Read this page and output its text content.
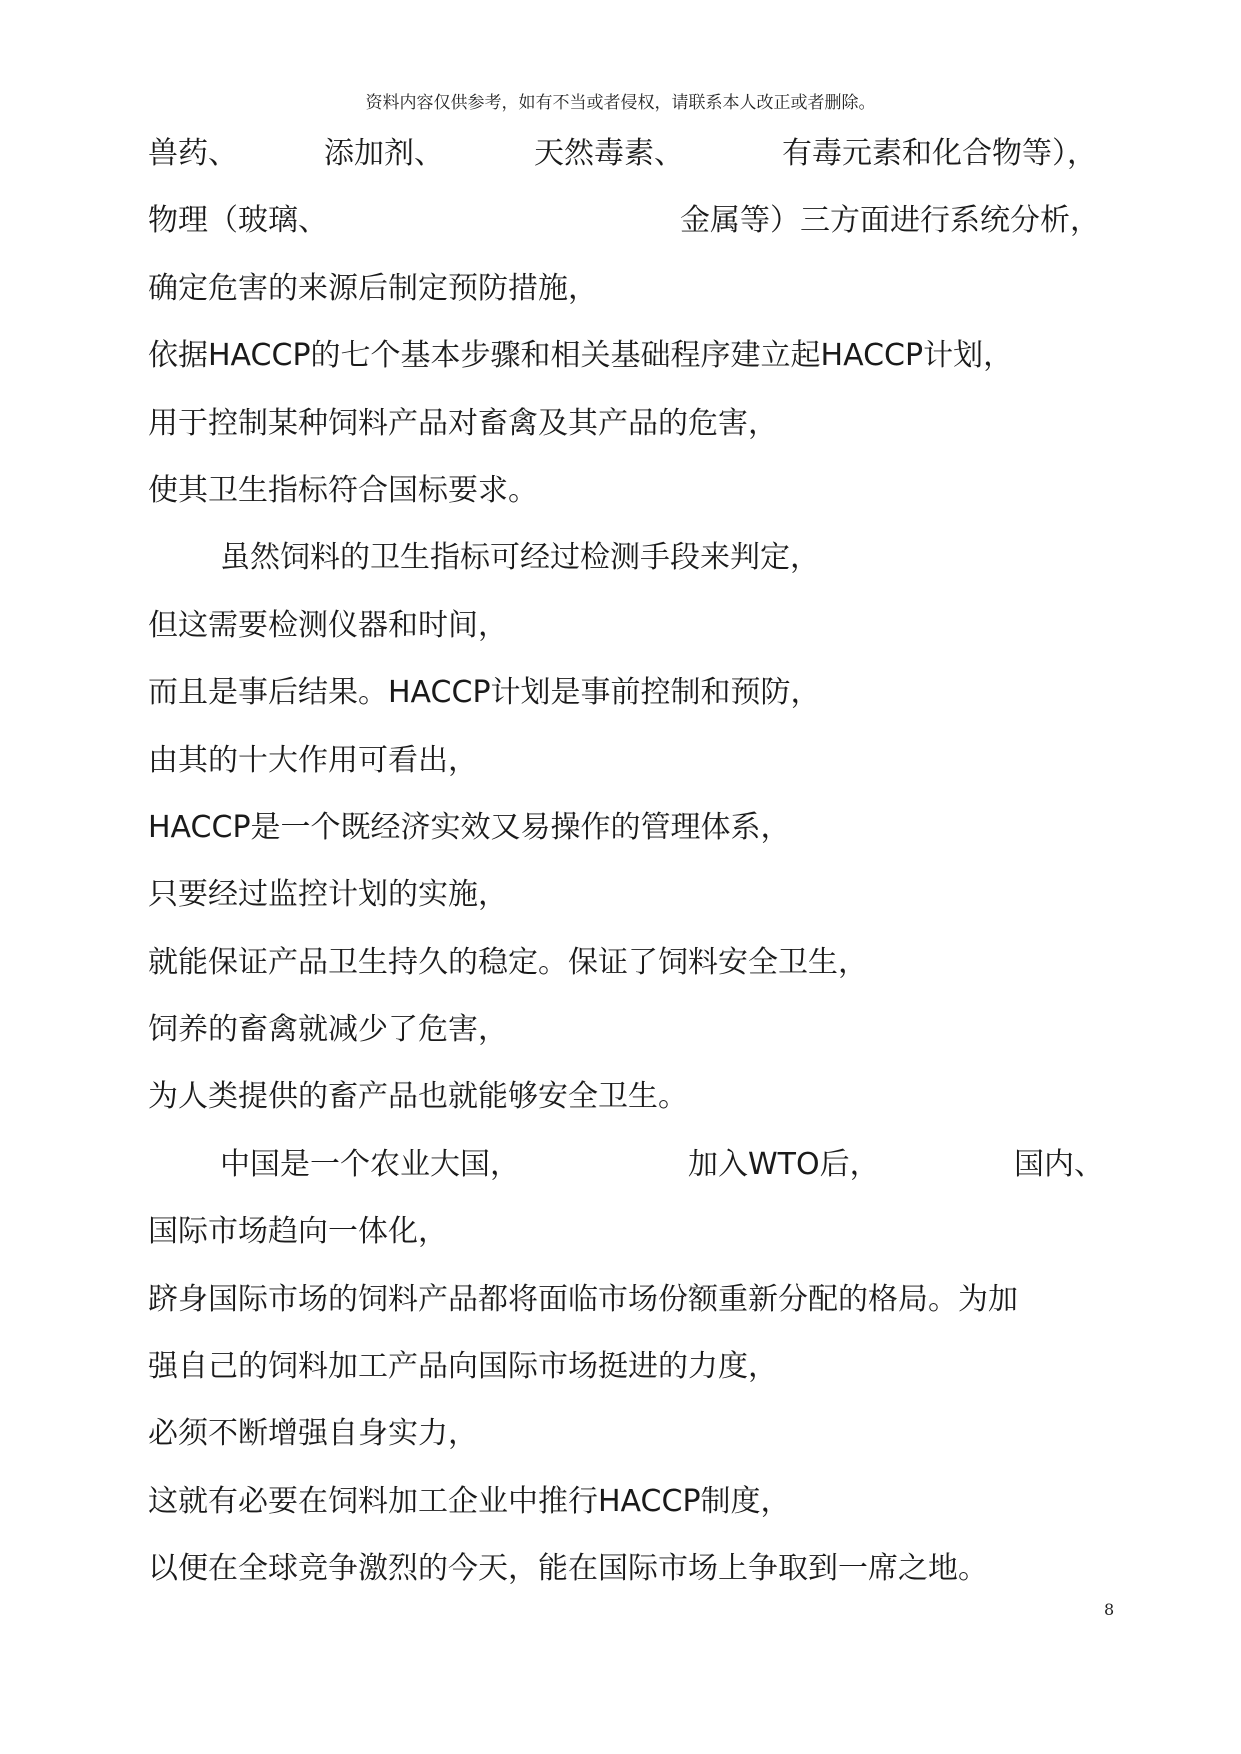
资料内容仅供参考，如有不当或者侵权，请联系本人改正或者删除。
兽药、	添加剂、	天然毒素、	有毒元素和化合物等），
物理（玻璃、	金属等）三方面进行系统分析，
确定危害的来源后制定预防措施，
依据HACCP的七个基本步骤和相关基础程序建立起HACCP计划，
用于控制某种饲料产品对畜禽及其产品的危害，
使其卫生指标符合国标要求。
虽然饲料的卫生指标可经过检测手段来判定，
但这需要检测仪器和时间，
而且是事后结果。HACCP计划是事前控制和预防，
由其的十大作用可看出，
HACCP是一个既经济实效又易操作的管理体系，
只要经过监控计划的实施，
就能保证产品卫生持久的稳定。保证了饲料安全卫生，
饲养的畜禽就减少了危害，
为人类提供的畜产品也就能够安全卫生。
中国是一个农业大国，	加入WTO后，	国内、
国际市场趋向一体化，
跻身国际市场的饲料产品都将面临市场份额重新分配的格局。为加
强自己的饲料加工产品向国际市场挺进的力度，
必须不断增强自身实力，
这就有必要在饲料加工企业中推行HACCP制度，
以便在全球竞争激烈的今天，能在国际市场上争取到一席之地。
8
